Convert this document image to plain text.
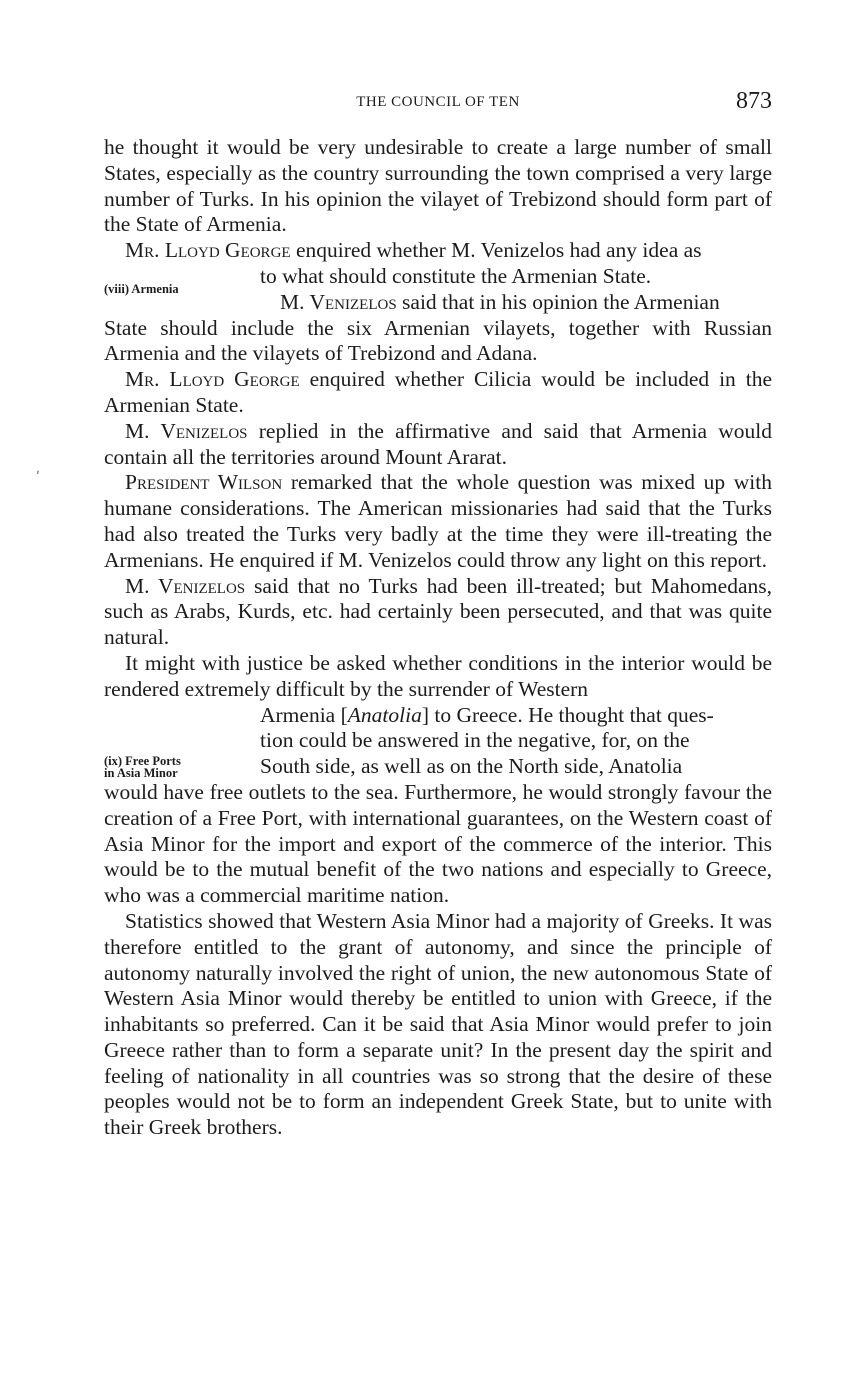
THE COUNCIL OF TEN	873
(viii) Armenia
(ix) Free Ports
in Asia Minor
ʹ

he thought it would be very undesirable to create a large number of small States, especially as the country surrounding the town comprised a very large number of Turks. In his opinion the vilayet of Trebizond should form part of the State of Armenia.

Mr. Lloyd George enquired whether M. Venizelos had any idea as

to what should constitute the Armenian State.

M. Venizelos said that in his opinion the Armenian

State should include the six Armenian vilayets, together with Russian Armenia and the vilayets of Trebizond and Adana.

Mr. Lloyd George enquired whether Cilicia would be included in the Armenian State.

M. Venizelos replied in the affirmative and said that Armenia would contain all the territories around Mount Ararat.

President Wilson remarked that the whole question was mixed up with humane considerations. The American missionaries had said that the Turks had also treated the Turks very badly at the time they were ill-treating the Armenians. He enquired if M. Venizelos could throw any light on this report.

M. Venizelos said that no Turks had been ill-treated; but Mahomedans, such as Arabs, Kurds, etc. had certainly been persecuted, and that was quite natural.

It might with justice be asked whether conditions in the interior would be rendered extremely difficult by the surrender of Western

Armenia [Anatolia] to Greece. He thought that ques-

tion could be answered in the negative, for, on the

South side, as well as on the North side, Anatolia

would have free outlets to the sea. Furthermore, he would strongly favour the creation of a Free Port, with international guarantees, on the Western coast of Asia Minor for the import and export of the commerce of the interior. This would be to the mutual benefit of the two nations and especially to Greece, who was a commercial maritime nation.

Statistics showed that Western Asia Minor had a majority of Greeks. It was therefore entitled to the grant of autonomy, and since the principle of autonomy naturally involved the right of union, the new autonomous State of Western Asia Minor would thereby be entitled to union with Greece, if the inhabitants so preferred. Can it be said that Asia Minor would prefer to join Greece rather than to form a separate unit? In the present day the spirit and feeling of nationality in all countries was so strong that the desire of these peoples would not be to form an independent Greek State, but to unite with their Greek brothers.
